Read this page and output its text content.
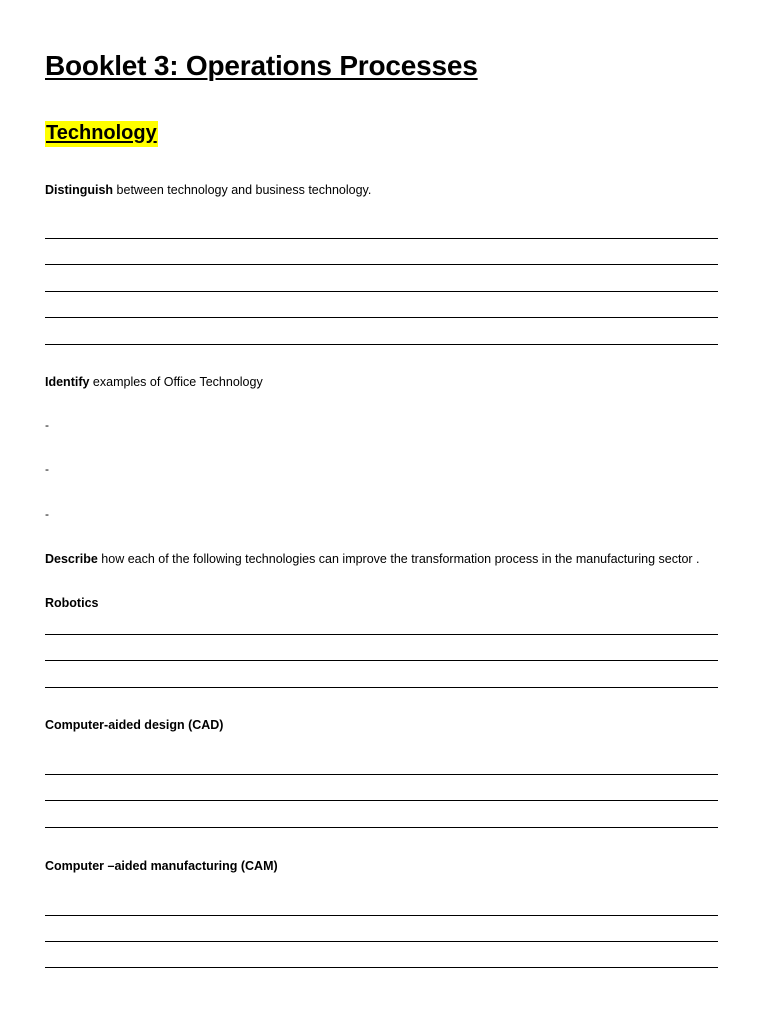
Booklet 3: Operations Processes
Technology
Distinguish between technology and business technology.
Identify examples of Office Technology
-
-
-
Describe how each of the following technologies can improve the transformation process in the manufacturing sector .
Robotics
Computer-aided design (CAD)
Computer –aided manufacturing (CAM)
